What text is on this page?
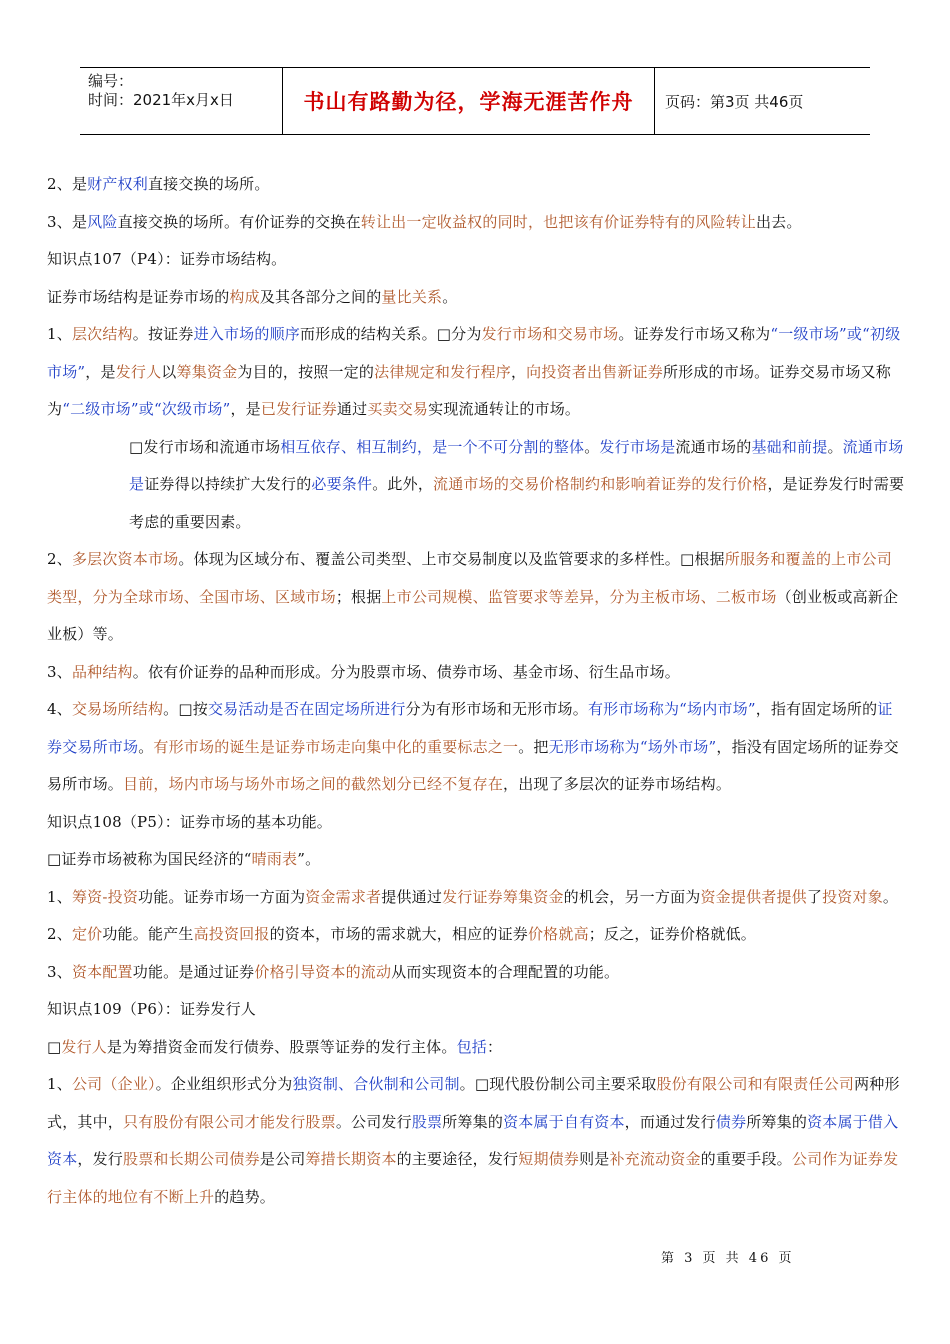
编号：
时间：2021年x月x日	书山有路勤为径，学海无涯苦作舟	页码：第3页 共46页

2、是财产权利直接交换的场所。

3、是风险直接交换的场所。有价证券的交换在转让出一定收益权的同时，也把该有价证券特有的风险转让出去。

知识点107（P4）：证券市场结构。

证券市场结构是证券市场的构成及其各部分之间的量比关系。

1、层次结构。按证券进入市场的顺序而形成的结构关系。□分为发行市场和交易市场。证券发行市场又称为“一级市场”或“初级市场”，是发行人以筹集资金为目的，按照一定的法律规定和发行程序，向投资者出售新证券所形成的市场。证券交易市场又称为“二级市场”或“次级市场”，是已发行证券通过买卖交易实现流通转让的市场。

□发行市场和流通市场相互依存、相互制约，是一个不可分割的整体。发行市场是流通市场的基础和前提。流通市场是证券得以持续扩大发行的必要条件。此外，流通市场的交易价格制约和影响着证券的发行价格，是证券发行时需要考虑的重要因素。

2、多层次资本市场。体现为区域分布、覆盖公司类型、上市交易制度以及监管要求的多样性。□根据所服务和覆盖的上市公司类型，分为全球市场、全国市场、区域市场；根据上市公司规模、监管要求等差异，分为主板市场、二板市场（创业板或高新企业板）等。

3、品种结构。依有价证券的品种而形成。分为股票市场、债券市场、基金市场、衍生品市场。

4、交易场所结构。□按交易活动是否在固定场所进行分为有形市场和无形市场。有形市场称为“场内市场”，指有固定场所的证券交易所市场。有形市场的诞生是证券市场走向集中化的重要标志之一。把无形市场称为“场外市场”，指没有固定场所的证券交易所市场。目前，场内市场与场外市场之间的截然划分已经不复存在，出现了多层次的证券市场结构。

知识点108（P5）：证券市场的基本功能。

□证券市场被称为国民经济的“晴雨表”。

1、筹资-投资功能。证券市场一方面为资金需求者提供通过发行证券筹集资金的机会，另一方面为资金提供者提供了投资对象。

2、定价功能。能产生高投资回报的资本，市场的需求就大，相应的证券价格就高；反之，证券价格就低。

3、资本配置功能。是通过证券价格引导资本的流动从而实现资本的合理配置的功能。

知识点109（P6）：证券发行人

□发行人是为筹措资金而发行债券、股票等证券的发行主体。包括：

1、公司（企业）。企业组织形式分为独资制、合伙制和公司制。□现代股份制公司主要采取股份有限公司和有限责任公司两种形式，其中，只有股份有限公司才能发行股票。公司发行股票所筹集的资本属于自有资本，而通过发行债券所筹集的资本属于借入资本，发行股票和长期公司债券是公司筹措长期资本的主要途径，发行短期债券则是补充流动资金的重要手段。公司作为证券发行主体的地位有不断上升的趋势。

第 3 页 共 46 页
